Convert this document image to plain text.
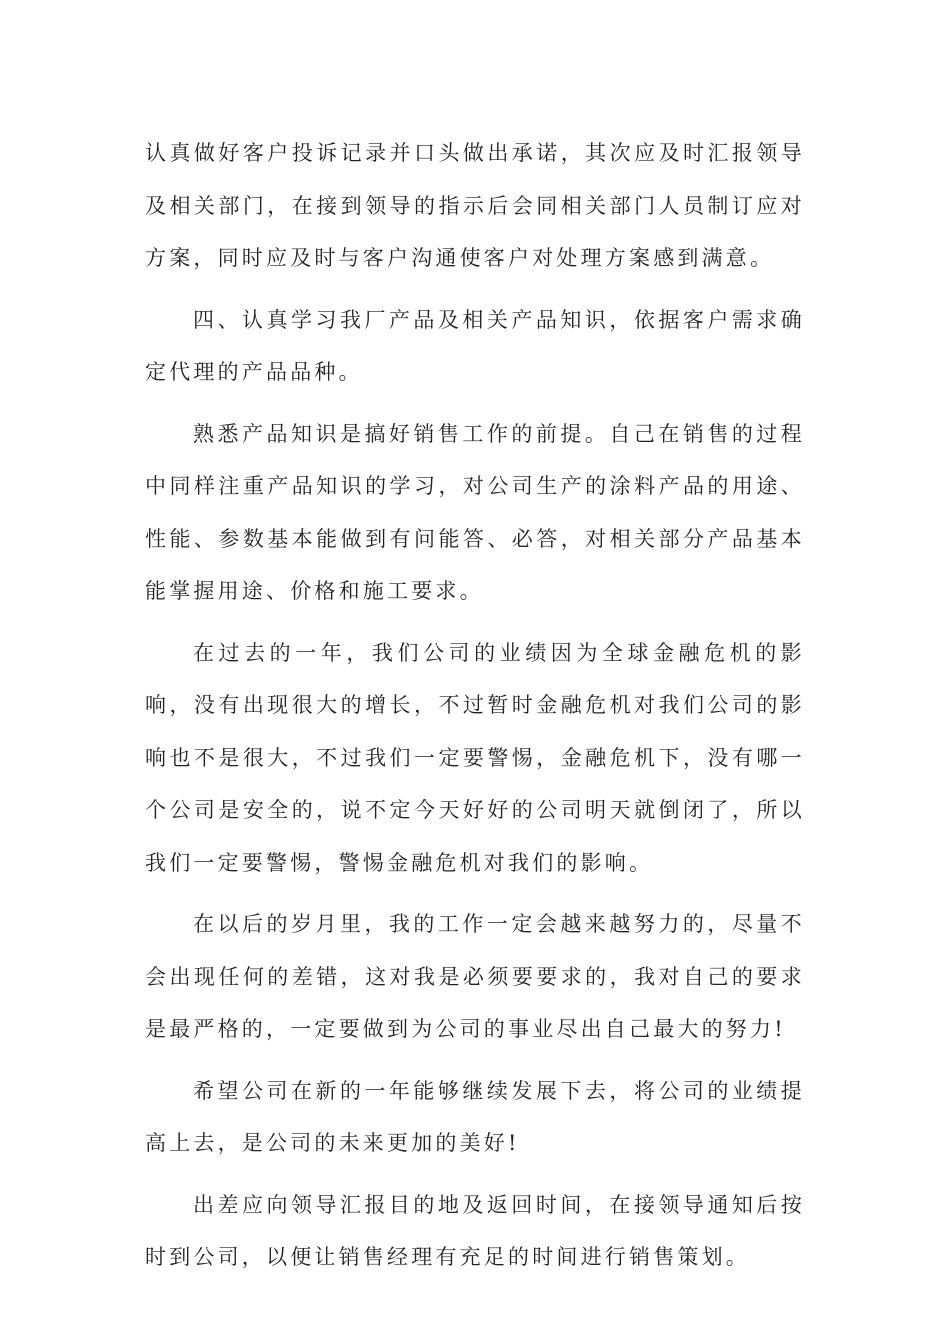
认真做好客户投诉记录并口头做出承诺，其次应及时汇报领导及相关部门，在接到领导的指示后会同相关部门人员制订应对方案，同时应及时与客户沟通使客户对处理方案感到满意。

四、认真学习我厂产品及相关产品知识，依据客户需求确定代理的产品品种。

熟悉产品知识是搞好销售工作的前提。自己在销售的过程中同样注重产品知识的学习，对公司生产的涂料产品的用途、性能、参数基本能做到有问能答、必答，对相关部分产品基本能掌握用途、价格和施工要求。

在过去的一年，我们公司的业绩因为全球金融危机的影响，没有出现很大的增长，不过暂时金融危机对我们公司的影响也不是很大，不过我们一定要警惕，金融危机下，没有哪一个公司是安全的，说不定今天好好的公司明天就倒闭了，所以我们一定要警惕，警惕金融危机对我们的影响。

在以后的岁月里，我的工作一定会越来越努力的，尽量不会出现任何的差错，这对我是必须要要求的，我对自己的要求是最严格的，一定要做到为公司的事业尽出自己最大的努力!

希望公司在新的一年能够继续发展下去，将公司的业绩提高上去，是公司的未来更加的美好!

出差应向领导汇报目的地及返回时间，在接领导通知后按时到公司，以便让销售经理有充足的时间进行销售策划。
